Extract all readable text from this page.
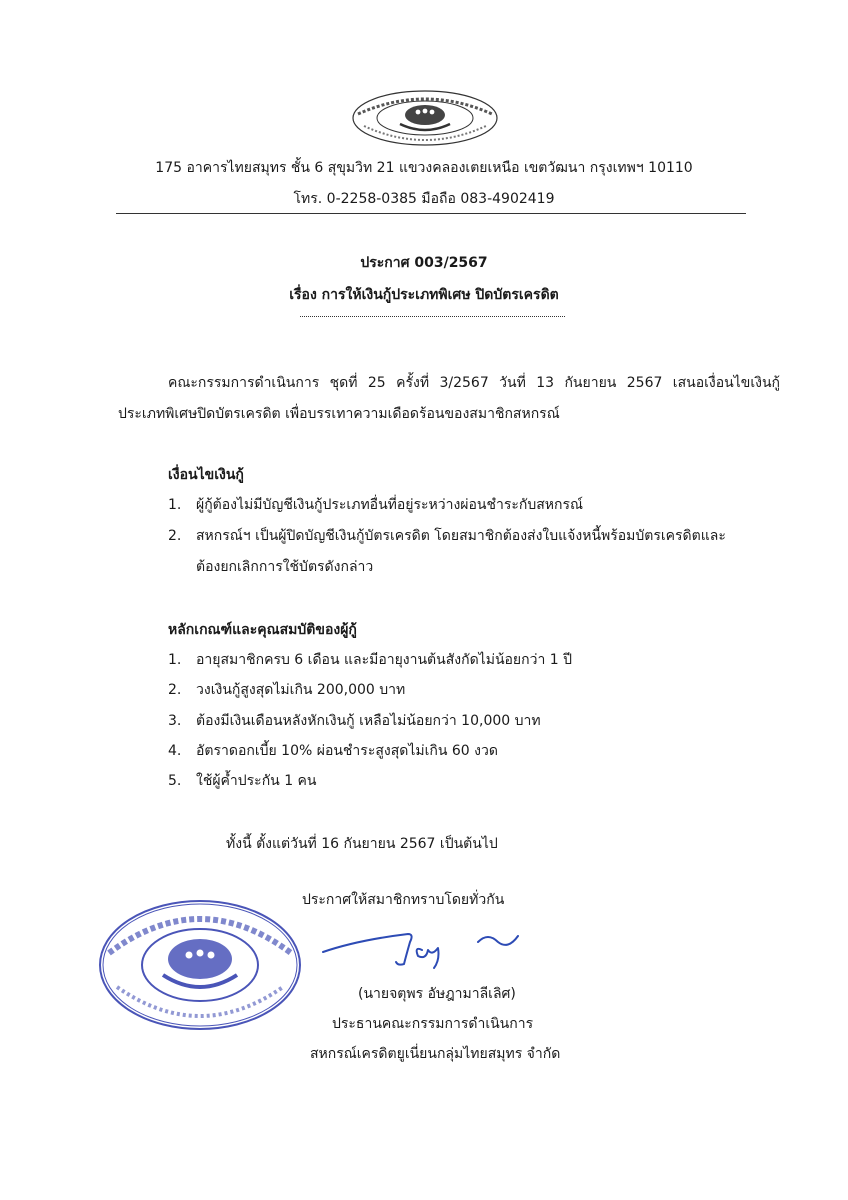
175 อาคารไทยสมุทร ชั้น 6 สุขุมวิท 21 แขวงคลองเตยเหนือ เขตวัฒนา กรุงเทพฯ 10110
โทร. 0-2258-0385 มือถือ 083-4902419
ประกาศ 003/2567
เรื่อง การให้เงินกู้ประเภทพิเศษ ปิดบัตรเครดิต
คณะกรรมการดำเนินการ ชุดที่ 25 ครั้งที่ 3/2567 วันที่ 13 กันยายน 2567 เสนอเงื่อนไขเงินกู้
ประเภทพิเศษปิดบัตรเครดิต เพื่อบรรเทาความเดือดร้อนของสมาชิกสหกรณ์
เงื่อนไขเงินกู้
1. ผู้กู้ต้องไม่มีบัญชีเงินกู้ประเภทอื่นที่อยู่ระหว่างผ่อนชำระกับสหกรณ์
2. สหกรณ์ฯ เป็นผู้ปิดบัญชีเงินกู้บัตรเครดิต โดยสมาชิกต้องส่งใบแจ้งหนี้พร้อมบัตรเครดิตและ
ต้องยกเลิกการใช้บัตรดังกล่าว
หลักเกณฑ์และคุณสมบัติของผู้กู้
1. อายุสมาชิกครบ 6 เดือน และมีอายุงานต้นสังกัดไม่น้อยกว่า 1 ปี
2. วงเงินกู้สูงสุดไม่เกิน 200,000 บาท
3. ต้องมีเงินเดือนหลังหักเงินกู้ เหลือไม่น้อยกว่า 10,000 บาท
4. อัตราดอกเบี้ย 10% ผ่อนชำระสูงสุดไม่เกิน 60 งวด
5. ใช้ผู้ค้ำประกัน 1 คน
ทั้งนี้ ตั้งแต่วันที่ 16 กันยายน 2567 เป็นต้นไป
ประกาศให้สมาชิกทราบโดยทั่วกัน
(นายจตุพร อัษฎามาลีเลิศ)
ประธานคณะกรรมการดำเนินการ
สหกรณ์เครดิตยูเนี่ยนกลุ่มไทยสมุทร จำกัด
